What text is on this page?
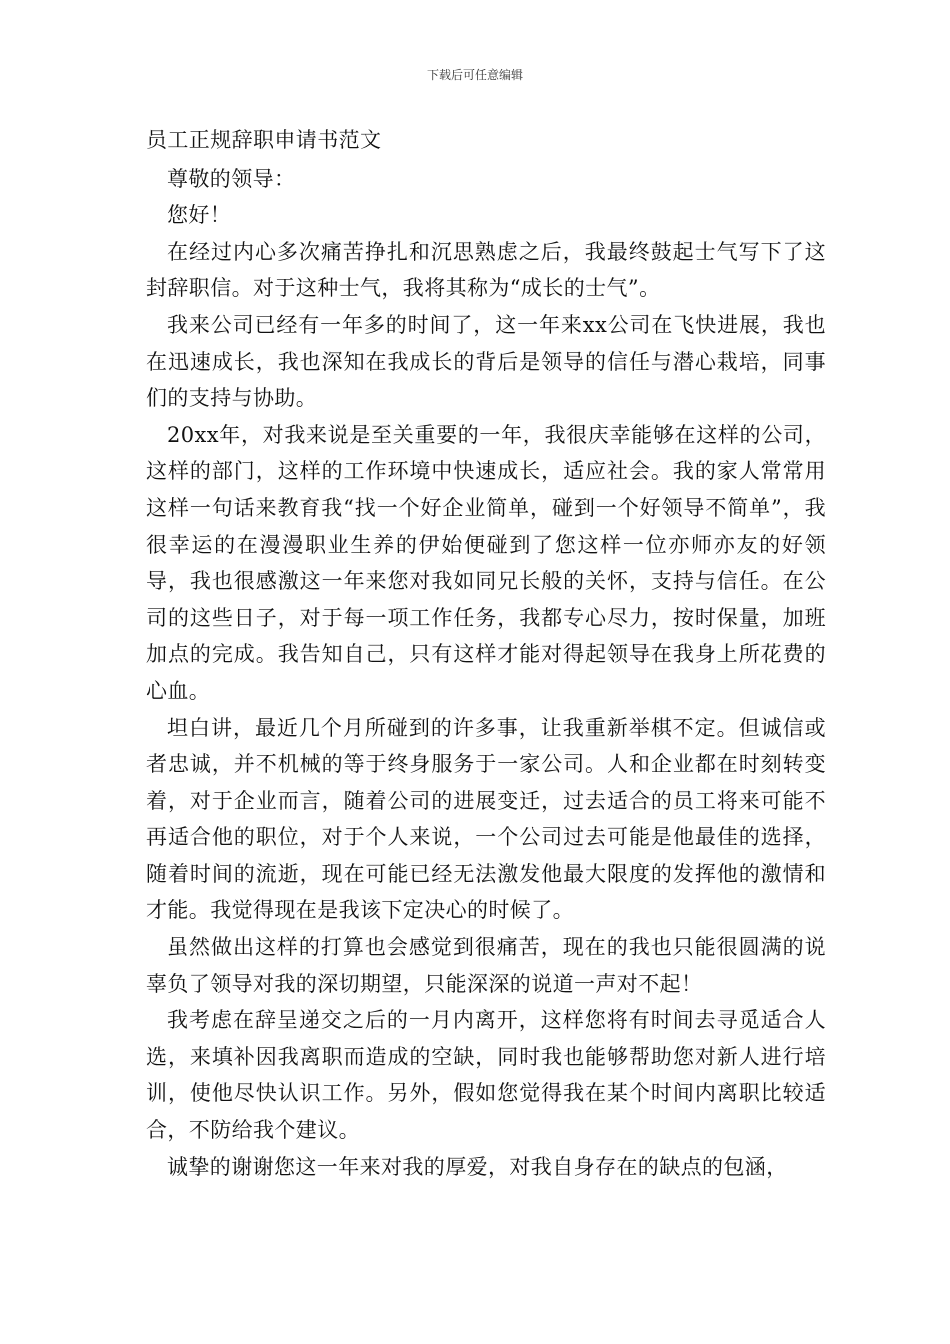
下载后可任意编辑
员工正规辞职申请书范文

尊敬的领导：

您好！

在经过内心多次痛苦挣扎和沉思熟虑之后，我最终鼓起士气写下了这封辞职信。对于这种士气，我将其称为“成长的士气”。

我来公司已经有一年多的时间了，这一年来xx公司在飞快进展，我也在迅速成长，我也深知在我成长的背后是领导的信任与潜心栽培，同事们的支持与协助。

20xx年，对我来说是至关重要的一年，我很庆幸能够在这样的公司，这样的部门，这样的工作环境中快速成长，适应社会。我的家人常常用这样一句话来教育我“找一个好企业简单，碰到一个好领导不简单”，我很幸运的在漫漫职业生养的伊始便碰到了您这样一位亦师亦友的好领导，我也很感激这一年来您对我如同兄长般的关怀，支持与信任。在公司的这些日子，对于每一项工作任务，我都专心尽力，按时保量，加班加点的完成。我告知自己，只有这样才能对得起领导在我身上所花费的心血。

坦白讲，最近几个月所碰到的许多事，让我重新举棋不定。但诚信或者忠诚，并不机械的等于终身服务于一家公司。人和企业都在时刻转变着，对于企业而言，随着公司的进展变迁，过去适合的员工将来可能不再适合他的职位，对于个人来说，一个公司过去可能是他最佳的选择，随着时间的流逝，现在可能已经无法激发他最大限度的发挥他的激情和才能。我觉得现在是我该下定决心的时候了。

虽然做出这样的打算也会感觉到很痛苦，现在的我也只能很圆满的说辜负了领导对我的深切期望，只能深深的说道一声对不起！

我考虑在辞呈递交之后的一月内离开，这样您将有时间去寻觅适合人选，来填补因我离职而造成的空缺，同时我也能够帮助您对新人进行培训，使他尽快认识工作。另外，假如您觉得我在某个时间内离职比较适合，不防给我个建议。

诚挚的谢谢您这一年来对我的厚爱，对我自身存在的缺点的包涵，
